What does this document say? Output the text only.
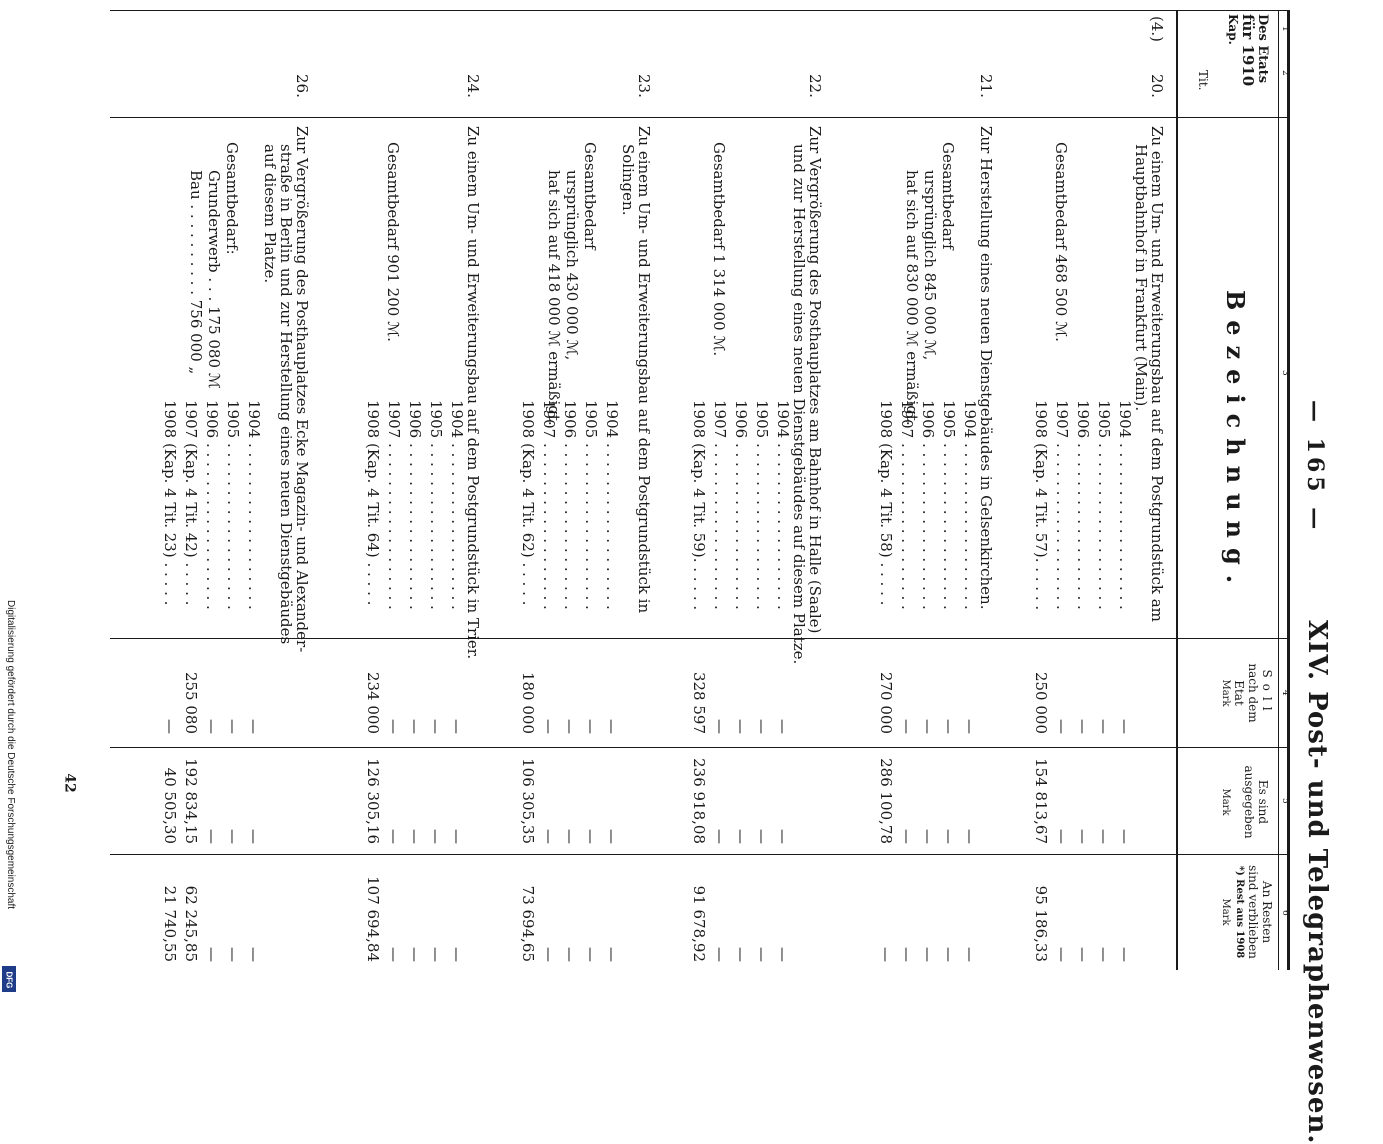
— 165 —
XIV. Post- und Telegraphenwesen.
1
2
3
4
5
6
Des Etats
für 1910
Kap.
Tit.
Bezeichnung.
Soll
nach dem
Etat
Mark
Es sind
ausgegeben
Mark
An Resten
sind verblieben
*) Rest aus 1908
Mark
(4.)
20.
Zu einem Um- und Erweiterungsbau auf dem Postgrundstück am
Hauptbahnhof in Frankfurt (Main).
Gesamtbedarf 468 500 ℳ.
1904 . . . . . . . . . . . . . . . . . .
—
—
—
1905 . . . . . . . . . . . . . . . . . .
—
—
—
1906 . . . . . . . . . . . . . . . . . .
—
—
—
1907 . . . . . . . . . . . . . . . . . .
—
—
—
1908 (Kap. 4 Tit. 57). . . . . .
250 000
154 813,67
95 186,33
21.
Zur Herstellung eines neuen Dienstgebäudes in Gelsenkirchen.
Gesamtbedarf
ursprünglich 845 000 ℳ,
hat sich auf 830 000 ℳ ermäßigt.
1904 . . . . . . . . . . . . . . . . . .
—
—
—
1905 . . . . . . . . . . . . . . . . . .
—
—
—
1906 . . . . . . . . . . . . . . . . . .
—
—
—
1907 . . . . . . . . . . . . . . . . . .
—
—
—
1908 (Kap. 4 Tit. 58) . . . . .
270 000
286 100,78
—
22.
Zur Vergrößerung des Posthauplatzes am Bahnhof in Halle (Saale)
und zur Herstellung eines neuen Dienstgebäudes auf diesem Platze.
Gesamtbedarf 1 314 000 ℳ.
1904 . . . . . . . . . . . . . . . . . .
—
—
—
1905 . . . . . . . . . . . . . . . . . .
—
—
—
1906 . . . . . . . . . . . . . . . . . .
—
—
—
1907 . . . . . . . . . . . . . . . . . .
—
—
—
1908 (Kap. 4 Tit. 59). . . . . .
328 597
236 918,08
91 678,92
23.
Zu einem Um- und Erweiterungsbau auf dem Postgrundstück in
Solingen.
Gesamtbedarf
ursprünglich 430 000 ℳ,
hat sich auf 418 000 ℳ ermäßigt.
1904 . . . . . . . . . . . . . . . . . .
—
—
—
1905 . . . . . . . . . . . . . . . . . .
—
—
—
1906 . . . . . . . . . . . . . . . . . .
—
—
—
1907 . . . . . . . . . . . . . . . . . .
—
—
—
1908 (Kap. 4 Tit. 62) . . . . .
180 000
106 305,35
73 694,65
24.
Zu einem Um- und Erweiterungsbau auf dem Postgrundstück in Trier.
Gesamtbedarf 901 200 ℳ.
1904 . . . . . . . . . . . . . . . . . .
—
—
—
1905 . . . . . . . . . . . . . . . . . .
—
—
—
1906 . . . . . . . . . . . . . . . . . .
—
—
—
1907 . . . . . . . . . . . . . . . . . .
—
—
—
1908 (Kap. 4 Tit. 64) . . . . .
234 000
126 305,16
107 694,84
26.
Zur Vergrößerung des Posthauplatzes Ecke Magazin- und Alexander-
straße in Berlin und zur Herstellung eines neuen Dienstgebäudes
auf diesem Platze.
Gesamtbedarf:
Grunderwerb . . . 175 080 ℳ
Bau . . . . . . . . . . 756 000 „
1904 . . . . . . . . . . . . . . . . . .
—
—
—
1905 . . . . . . . . . . . . . . . . . .
—
—
—
1906 . . . . . . . . . . . . . . . . . .
—
—
—
1907 (Kap. 4 Tit. 42) . . . . .
255 080
192 834,15
62 245,85
1908 (Kap. 4 Tit. 23) . . . . .
—
40 505,30
21 740,55
42
Digitalisierung gefördert durch die Deutsche Forschungsgemeinschaft
DFG
